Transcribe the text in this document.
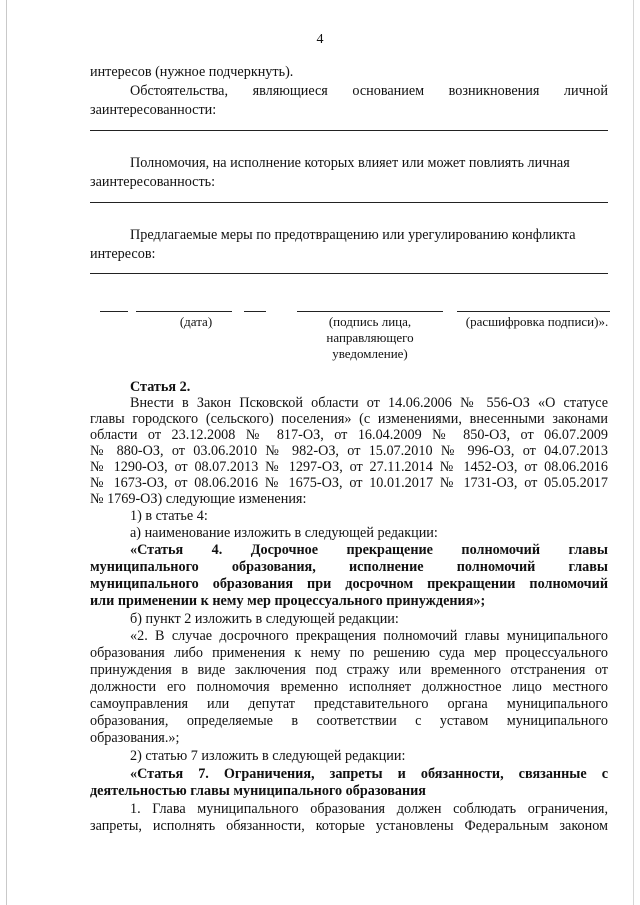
4
интересов (нужное подчеркнуть).
Обстоятельства, являющиеся основанием возникновения личной
заинтересованности:
Полномочия, на исполнение которых влияет или может повлиять личная
заинтересованность:
Предлагаемые меры по предотвращению или урегулированию конфликта
интересов:
(дата)	(подпись лица,
направляющего
уведомление)
(расшифровка подписи)».
Статья 2.
Внести в Закон Псковской области от 14.06.2006 № 556-ОЗ «О статусе
главы городского (сельского) поселения» (с изменениями, внесенными законами
области от 23.12.2008 № 817-ОЗ, от 16.04.2009 № 850-ОЗ, от 06.07.2009
№ 880-ОЗ, от 03.06.2010 № 982-ОЗ, от 15.07.2010 № 996-ОЗ, от 04.07.2013
№ 1290-ОЗ, от 08.07.2013 № 1297-ОЗ, от 27.11.2014 № 1452-ОЗ, от 08.06.2016
№ 1673-ОЗ, от 08.06.2016 № 1675-ОЗ, от 10.01.2017 № 1731-ОЗ, от 05.05.2017
№ 1769-ОЗ) следующие изменения:
1) в статье 4:
а) наименование изложить в следующей редакции:
«Статья 4. Досрочное прекращение полномочий главы
муниципального образования, исполнение полномочий главы
муниципального образования при досрочном прекращении полномочий
или применении к нему мер процессуального принуждения»;
б) пункт 2 изложить в следующей редакции:
«2. В случае досрочного прекращения полномочий главы муниципального
образования либо применения к нему по решению суда мер процессуального
принуждения в виде заключения под стражу или временного отстранения от
должности его полномочия временно исполняет должностное лицо местного
самоуправления или депутат представительного органа муниципального
образования, определяемые в соответствии с уставом муниципального
образования.»;
2) статью 7 изложить в следующей редакции:
«Статья 7. Ограничения, запреты и обязанности, связанные с
деятельностью главы муниципального образования
1. Глава муниципального образования должен соблюдать ограничения,
запреты, исполнять обязанности, которые установлены Федеральным законом
